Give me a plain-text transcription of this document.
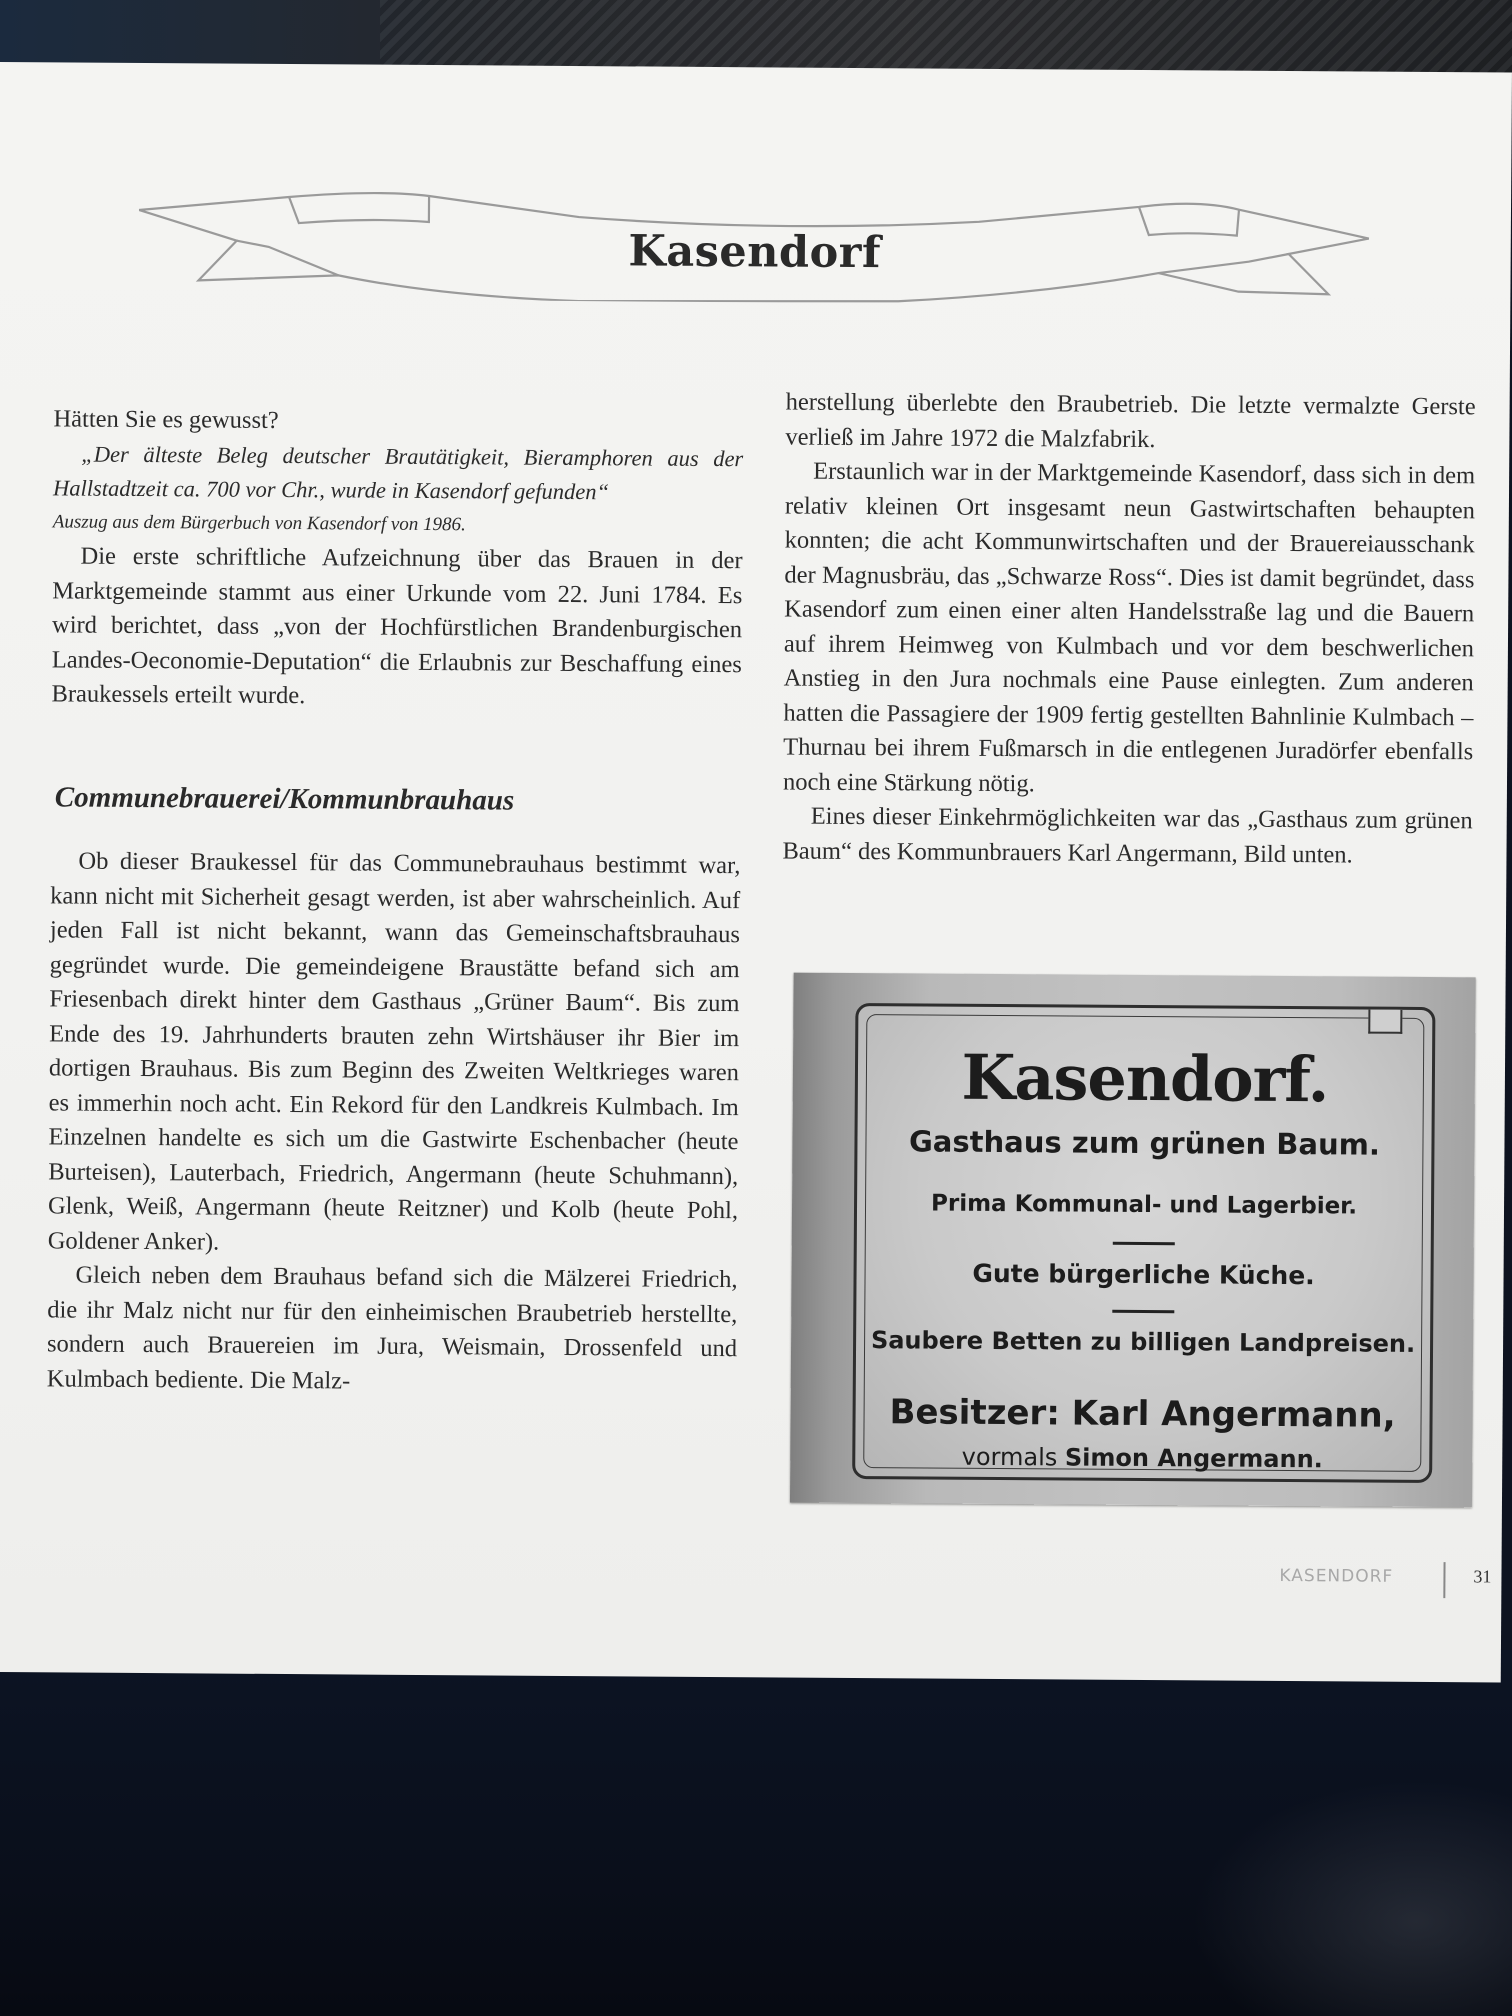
Kasendorf

Hätten Sie es gewusst?

„Der älteste Beleg deutscher Brautätigkeit, Bieramphoren aus der Hallstadtzeit ca. 700 vor Chr., wurde in Kasendorf gefunden“

Auszug aus dem Bürgerbuch von Kasendorf von 1986.

Die erste schriftliche Aufzeichnung über das Brauen in der Marktgemeinde stammt aus einer Urkunde vom 22. Juni 1784. Es wird berichtet, dass „von der Hochfürstlichen Brandenburgischen Landes-Oeconomie-Deputation“ die Erlaubnis zur Beschaffung eines Braukessels erteilt wurde.

Communebrauerei/Kommunbrauhaus

Ob dieser Braukessel für das Communebrauhaus bestimmt war, kann nicht mit Sicherheit gesagt werden, ist aber wahrscheinlich. Auf jeden Fall ist nicht bekannt, wann das Gemeinschaftsbrauhaus gegründet wurde. Die gemeindeigene Braustätte befand sich am Friesenbach direkt hinter dem Gasthaus „Grüner Baum“. Bis zum Ende des 19. Jahrhunderts brauten zehn Wirtshäuser ihr Bier im dortigen Brauhaus. Bis zum Beginn des Zweiten Weltkrieges waren es immerhin noch acht. Ein Rekord für den Landkreis Kulmbach. Im Einzelnen handelte es sich um die Gastwirte Eschenbacher (heute Burteisen), Lauterbach, Friedrich, Angermann (heute Schuhmann), Glenk, Weiß, Angermann (heute Reitzner) und Kolb (heute Pohl, Goldener Anker).

Gleich neben dem Brauhaus befand sich die Mälzerei Friedrich, die ihr Malz nicht nur für den einheimischen Braubetrieb herstellte, sondern auch Brauereien im Jura, Weismain, Drossenfeld und Kulmbach bediente. Die Malz-

herstellung überlebte den Braubetrieb. Die letzte vermalzte Gerste verließ im Jahre 1972 die Malzfabrik.

Erstaunlich war in der Marktgemeinde Kasendorf, dass sich in dem relativ kleinen Ort insgesamt neun Gastwirtschaften behaupten konnten; die acht Kommunwirtschaften und der Brauereiausschank der Magnusbräu, das „Schwarze Ross“. Dies ist damit begründet, dass Kasendorf zum einen einer alten Handelsstraße lag und die Bauern auf ihrem Heimweg von Kulmbach und vor dem beschwerlichen Anstieg in den Jura nochmals eine Pause einlegten. Zum anderen hatten die Passagiere der 1909 fertig gestellten Bahnlinie Kulmbach – Thurnau bei ihrem Fußmarsch in die entlegenen Juradörfer ebenfalls noch eine Stärkung nötig.

Eines dieser Einkehrmöglichkeiten war das „Gasthaus zum grünen Baum“ des Kommunbrauers Karl Angermann, Bild unten.

Kasendorf.
Gasthaus zum grünen Baum.
Prima Kommunal- und Lagerbier.
Gute bürgerliche Küche.
Saubere Betten zu billigen Landpreisen.
Besitzer: Karl Angermann,
vormals Simon Angermann.
KASENDORF	31
